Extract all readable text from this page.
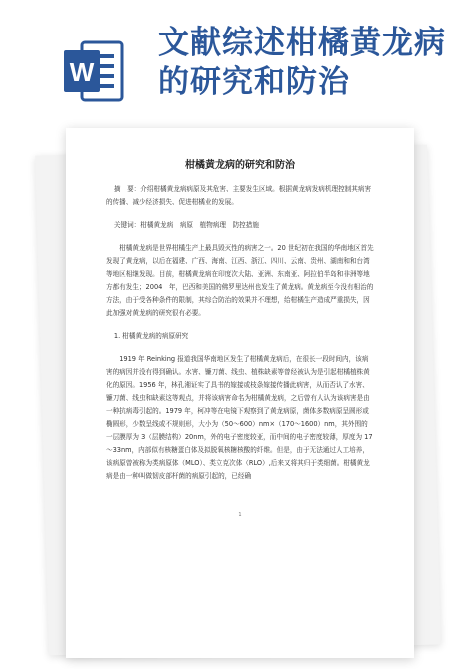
W
文献综述柑橘黄龙病的研究和防治
柑橘黄龙病的研究和防治

摘　要：介绍柑橘黄龙病病原及其危害、主要发生区域。根据黄龙病发病机理控制其病害的传播、减少经济损失、促进柑橘业的发展。

关键词：柑橘黄龙病　病原　植物病理　防控措施

柑橘黄龙病是世界柑橘生产上最具毁灭性的病害之一。20 世纪初在我国的华南地区首先发现了黄龙病，以后在福建、广西、海南、江西、浙江、四川、云南、贵州、湖南和和台湾等地区相继发现。目前，柑橘黄龙病在印度次大陆、亚洲、东南亚、阿拉伯半岛和非洲等地方都有发生；2004　年，巴西和美国的佛罗里达州也发生了黄龙病。黄龙病至今没有相治的方法，由于受各种条件的限制，其综合防治的效果并不理想，给柑橘生产造成严重损失，因此加强对黄龙病的研究很有必要。

1. 柑橘黄龙病的病原研究

1919 年 Reinking 报道我国华南地区发生了柑橘黄龙病后，在很长一段时间内，该病害的病因并没有得到确认。水害、镰刀菌、线虫、植株缺素等曾经被认为是引起柑橘植株黄化的原因。1956 年，林孔湘证实了具书的嫁接或枝条嫁接传播此病害，从而否认了水害、镰刀菌、线虫和缺素这等观点，并将该病害命名为柑橘黄龙病，之后曾有人认为该病害是由一种抗病毒引起的。1979 年，柯冲等在电镜下观察到了黄龙病原，菌体多数病原呈圆形或椭圆形，少数呈线或不规则形，大小为（50～600）nm×（170～1600）nm，其外围的一层膜厚为 3（层膜结构）20nm，外的电子密度较亚，而中间的电子密度较薄，厚度为 17～33nm，内部似有核糖蛋白体及拟脱氧核糖核酸的纤维。但是，由于无法通过人工培养，该病原曾被称为类病原体（MLO）、类立克次体（RLO）,后来又将其归于类细菌。柑橘黄龙病是由一种叫做韧皮部杆菌的病原引起的，已经确

1
